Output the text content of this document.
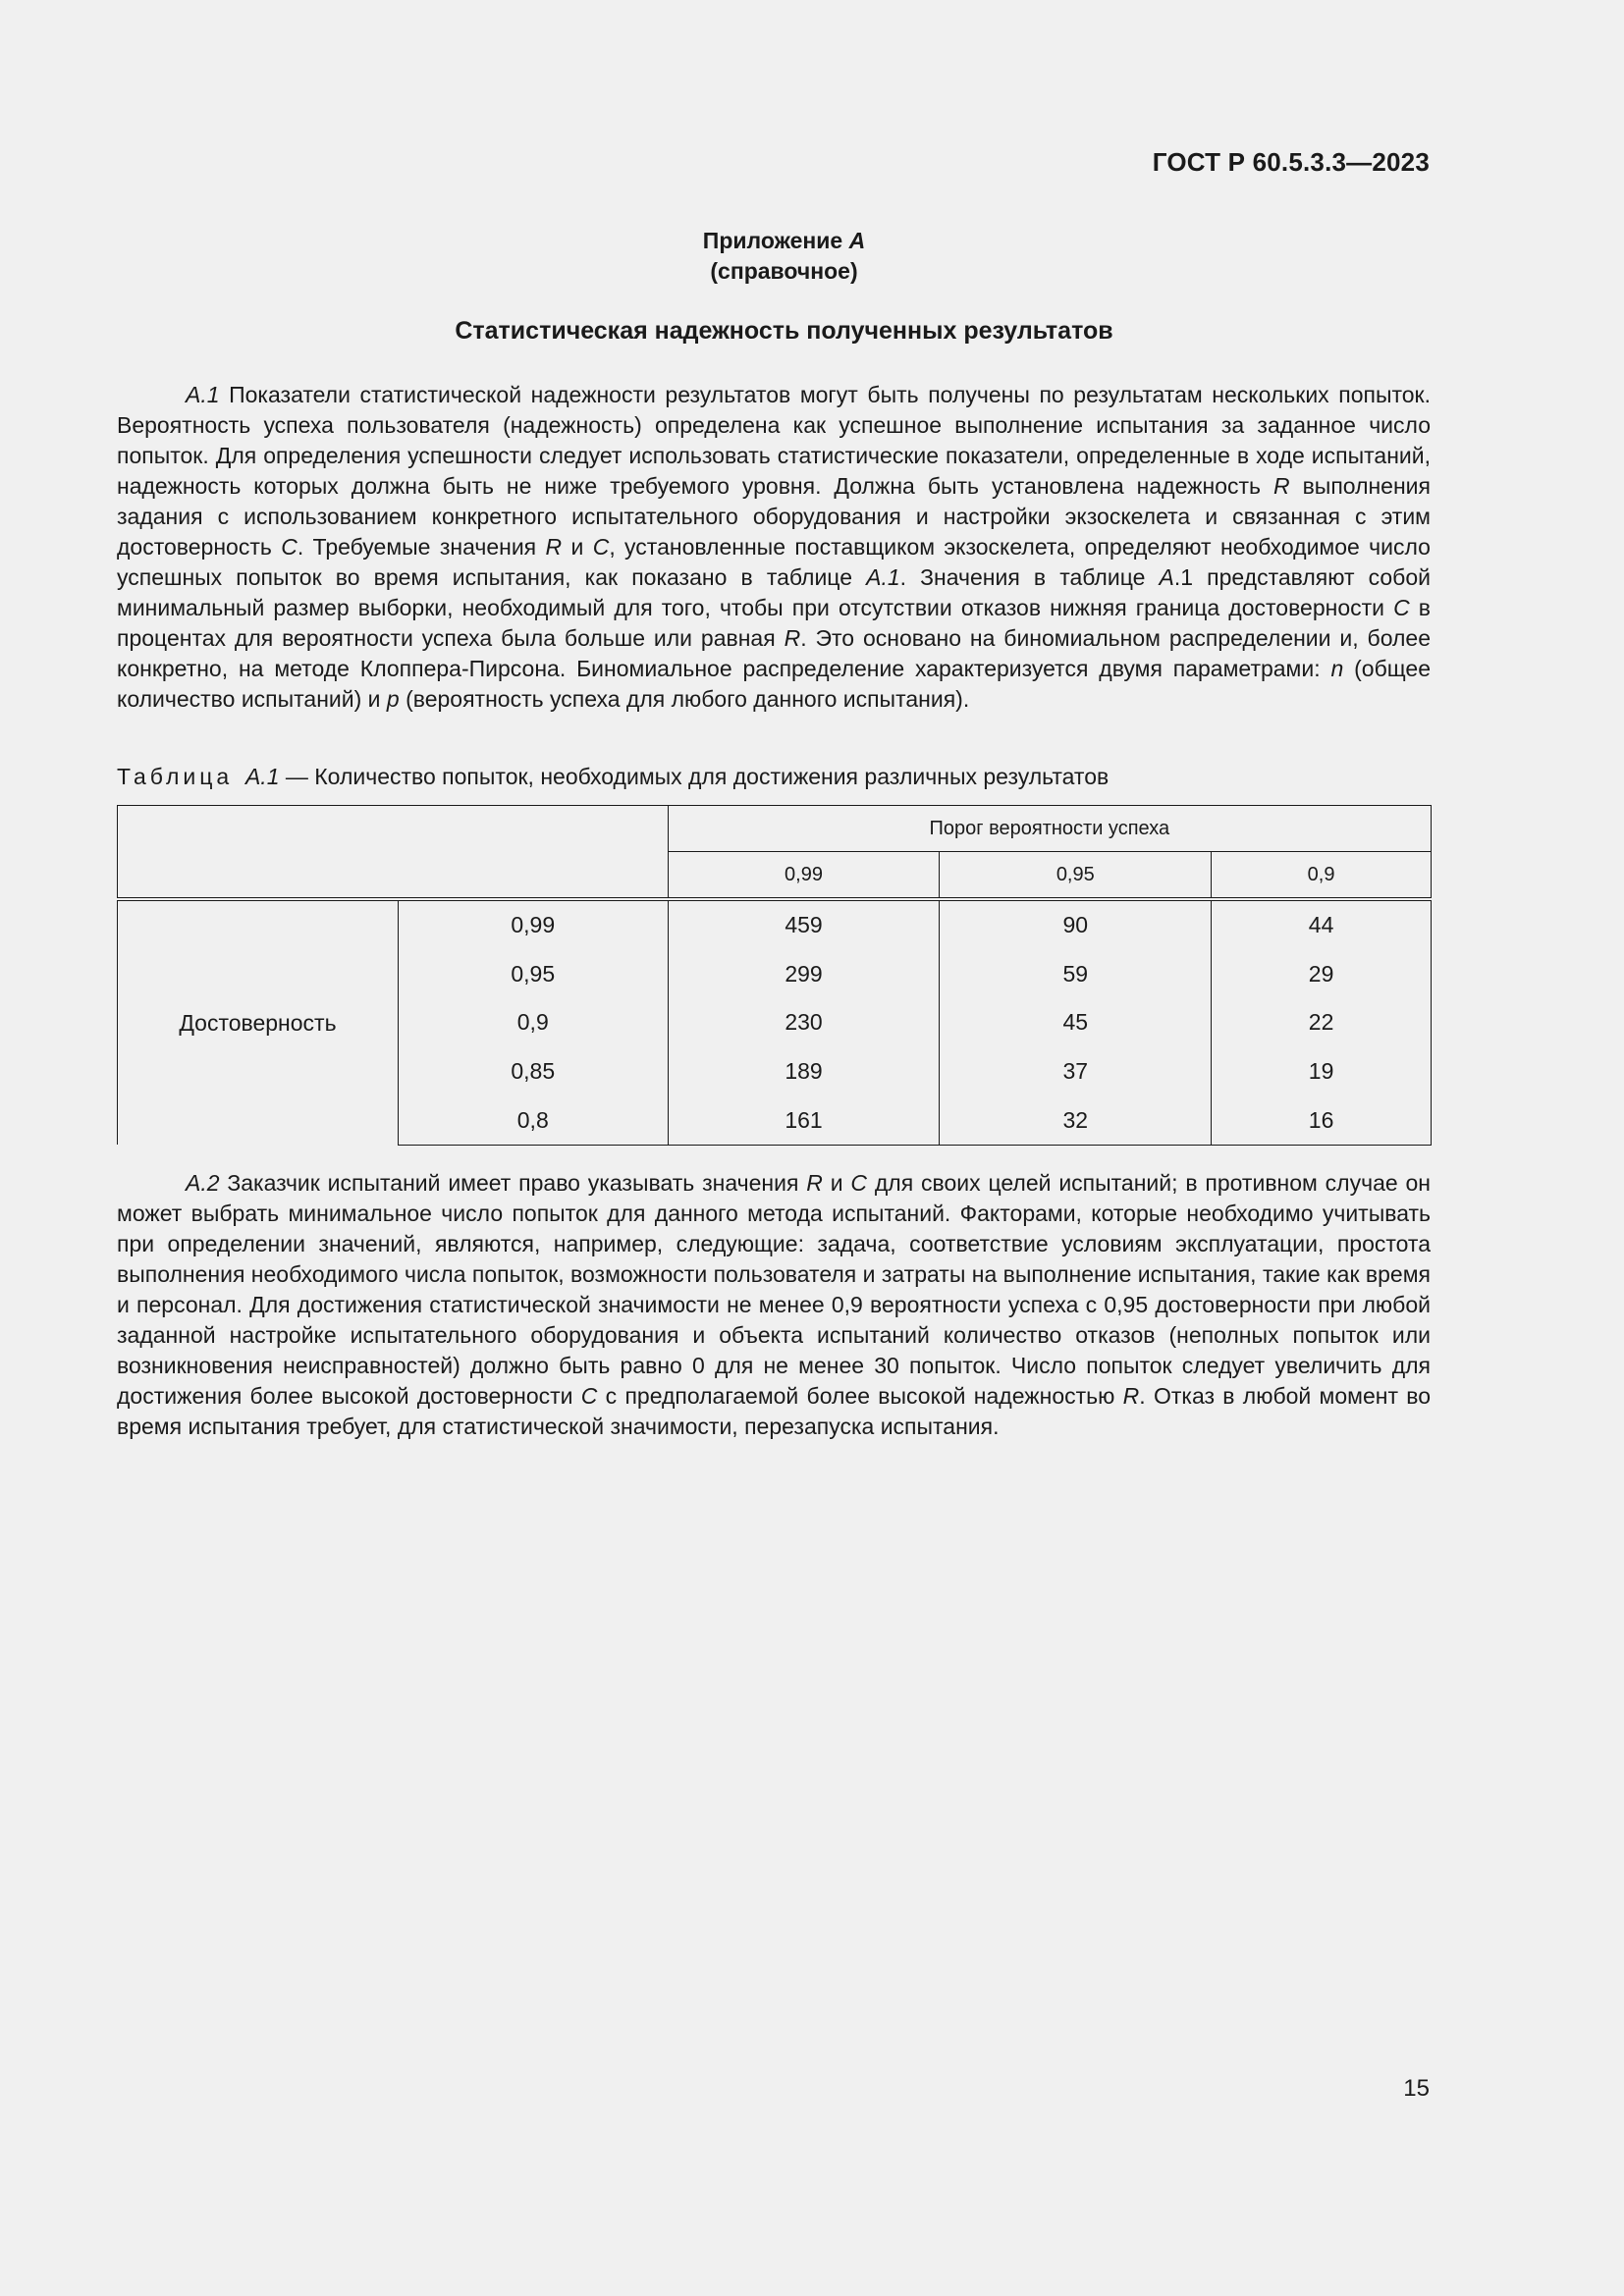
ГОСТ Р 60.5.3.3—2023
Приложение А
(справочное)
Статистическая надежность полученных результатов

А.1 Показатели статистической надежности результатов могут быть получены по результатам нескольких попыток. Вероятность успеха пользователя (надежность) определена как успешное выполнение испытания за заданное число попыток. Для определения успешности следует использовать статистические показатели, определенные в ходе испытаний, надежность которых должна быть не ниже требуемого уровня. Должна быть установлена надежность R выполнения задания с использованием конкретного испытательного оборудования и настройки экзоскелета и связанная с этим достоверность С. Требуемые значения R и С, установленные поставщиком экзоскелета, определяют необходимое число успешных попыток во время испытания, как показано в таблице А.1. Значения в таблице А.1 представляют собой минимальный размер выборки, необходимый для того, чтобы при отсутствии отказов нижняя граница достоверности С в процентах для вероятности успеха была больше или равная R. Это основано на биномиальном распределении и, более конкретно, на методе Клоппера-Пирсона. Биномиальное распределение характеризуется двумя параметрами: n (общее количество испытаний) и p (вероятность успеха для любого данного испытания).

Таблица А.1 — Количество попыток, необходимых для достижения различных результатов
		Порог вероятности успеха		
		0,99	0,95	0,9
Достоверность	0,99	459	90	44
	0,95	299	59	29
	0,9	230	45	22
	0,85	189	37	19
	0,8	161	32	16

А.2 Заказчик испытаний имеет право указывать значения R и С для своих целей испытаний; в противном случае он может выбрать минимальное число попыток для данного метода испытаний. Факторами, которые необходимо учитывать при определении значений, являются, например, следующие: задача, соответствие условиям эксплуатации, простота выполнения необходимого числа попыток, возможности пользователя и затраты на выполнение испытания, такие как время и персонал. Для достижения статистической значимости не менее 0,9 вероятности успеха с 0,95 достоверности при любой заданной настройке испытательного оборудования и объекта испытаний количество отказов (неполных попыток или возникновения неисправностей) должно быть равно 0 для не менее 30 попыток. Число попыток следует увеличить для достижения более высокой достоверности С с предполагаемой более высокой надежностью R. Отказ в любой момент во время испытания требует, для статистической значимости, перезапуска испытания.

15
